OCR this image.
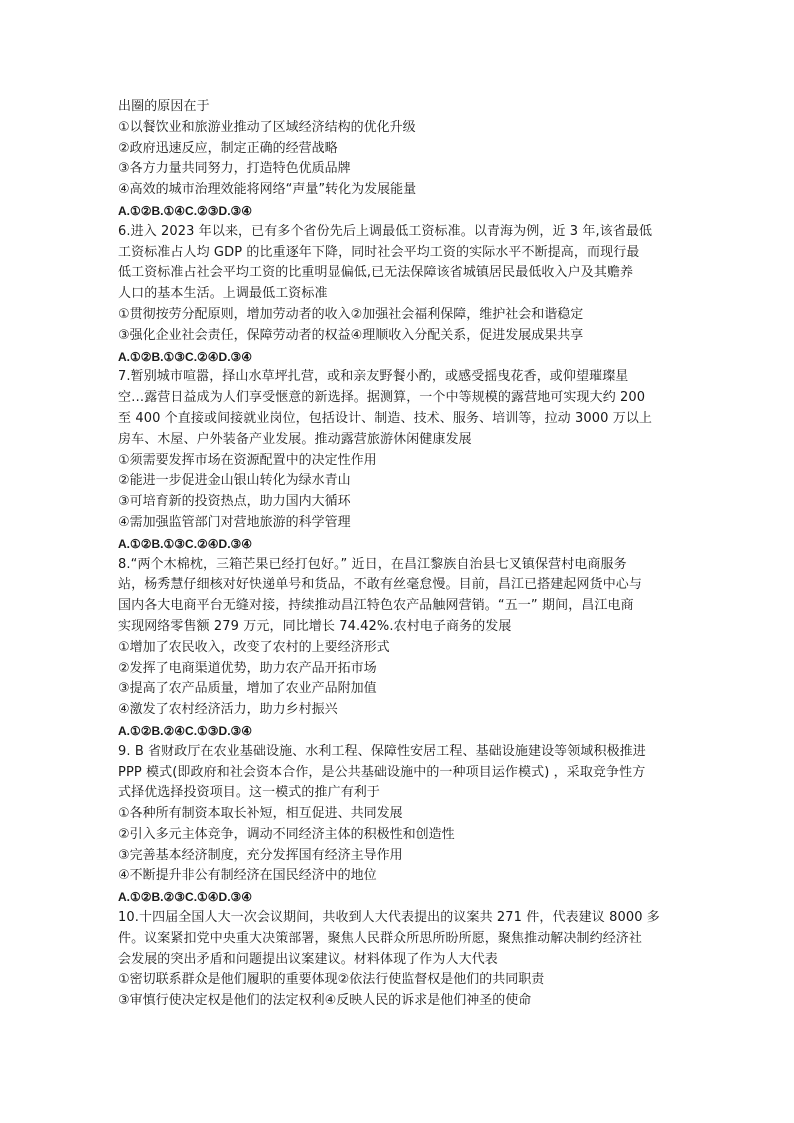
出圈的原因在于
①以餐饮业和旅游业推动了区域经济结构的优化升级
②政府迅速反应，制定正确的经营战略
③各方力量共同努力，打造特色优质品牌
④高效的城市治理效能将网络“声量”转化为发展能量
A.①②B.①④C.②③D.③④
6.进入 2023 年以来，已有多个省份先后上调最低工资标准。以青海为例，近 3 年,该省最低
工资标准占人均 GDP 的比重逐年下降，同时社会平均工资的实际水平不断提高，而现行最
低工资标准占社会平均工资的比重明显偏低,已无法保障该省城镇居民最低收入户及其赡养
人口的基本生活。上调最低工资标准
①贯彻按劳分配原则，增加劳动者的收入②加强社会福利保障，维护社会和谐稳定
③强化企业社会责任，保障劳动者的权益④理顺收入分配关系，促进发展成果共享
A.①②B.①③C.②④D.③④
7.暂别城市喧嚣，择山水草坪扎营，或和亲友野餐小酌，或感受摇曳花香，或仰望璀璨星
空…露营日益成为人们享受惬意的新选择。据测算，一个中等规模的露营地可实现大约 200
至 400 个直接或间接就业岗位，包括设计、制造、技术、服务、培训等，拉动 3000 万以上
房车、木屋、户外装备产业发展。推动露营旅游休闲健康发展
①须需要发挥市场在资源配置中的决定性作用
②能进一步促进金山银山转化为绿水青山
③可培育新的投资热点，助力国内大循环
④需加强监管部门对营地旅游的科学管理
A.①②B.①③C.②④D.③④
8.“两个木棉枕，三箱芒果已经打包好。” 近日，在昌江黎族自治县七叉镇保营村电商服务
站，杨秀慧仔细核对好快递单号和货品，不敢有丝毫怠慢。目前，昌江已搭建起网货中心与
国内各大电商平台无缝对接，持续推动昌江特色农产品触网营销。“五一” 期间，昌江电商
实现网络零售额 279 万元，同比增长 74.42%.农村电子商务的发展
①增加了农民收入，改变了农村的上要经济形式
②发挥了电商渠道优势，助力农产品开拓市场
③提高了农产品质量，增加了农业产品附加值
④激发了农村经济活力，助力乡村振兴
A.①②B.②④C.①③D.③④
9. B 省财政厅在农业基础设施、水利工程、保障性安居工程、基础设施建设等领域积极推进
PPP 模式(即政府和社会资本合作，是公共基础设施中的一种项目运作模式) ，采取竞争性方
式择优选择投资项目。这一模式的推广有利于
①各种所有制资本取长补短，相互促进、共同发展
②引入多元主体竞争，调动不同经济主体的积极性和创造性
③完善基本经济制度，充分发挥国有经济主导作用
④不断提升非公有制经济在国民经济中的地位
A.①②B.②③C.①④D.③④
10.十四届全国人大一次会议期间，共收到人大代表提出的议案共 271 件，代表建议 8000 多
件。议案紧扣党中央重大决策部署，聚焦人民群众所思所盼所愿，聚焦推动解决制约经济社
会发展的突出矛盾和问题提出议案建议。材料体现了作为人大代表
①密切联系群众是他们履职的重要体现②依法行使监督权是他们的共同职责
③审慎行使决定权是他们的法定权利④反映人民的诉求是他们神圣的使命
